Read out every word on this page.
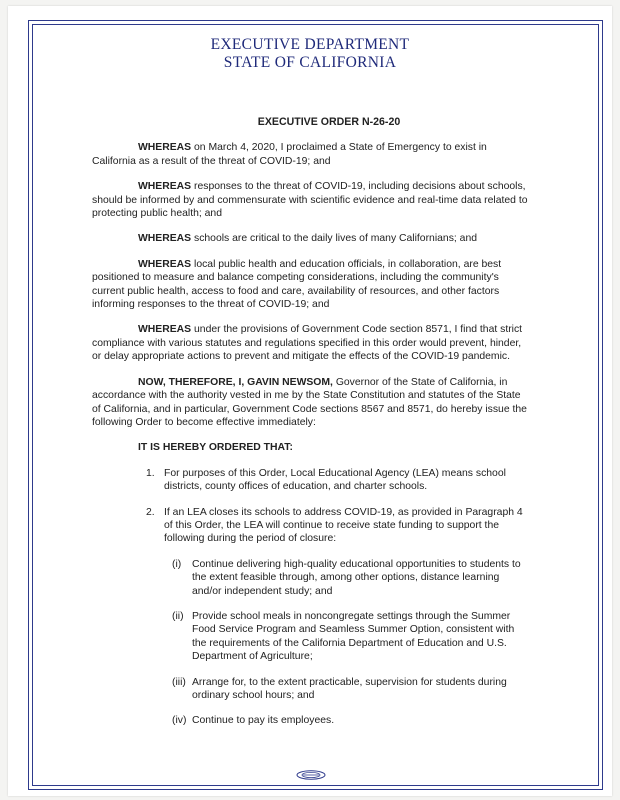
EXECUTIVE DEPARTMENT
STATE OF CALIFORNIA
EXECUTIVE ORDER N-26-20

WHEREAS on March 4, 2020, I proclaimed a State of Emergency to exist in California as a result of the threat of COVID-19; and

WHEREAS responses to the threat of COVID-19, including decisions about schools, should be informed by and commensurate with scientific evidence and real-time data related to protecting public health; and

WHEREAS schools are critical to the daily lives of many Californians; and

WHEREAS local public health and education officials, in collaboration, are best positioned to measure and balance competing considerations, including the community's current public health, access to food and care, availability of resources, and other factors informing responses to the threat of COVID-19; and

WHEREAS under the provisions of Government Code section 8571, I find that strict compliance with various statutes and regulations specified in this order would prevent, hinder, or delay appropriate actions to prevent and mitigate the effects of the COVID-19 pandemic.

NOW, THEREFORE, I, GAVIN NEWSOM, Governor of the State of California, in accordance with the authority vested in me by the State Constitution and statutes of the State of California, and in particular, Government Code sections 8567 and 8571, do hereby issue the following Order to become effective immediately:

IT IS HEREBY ORDERED THAT:
1. For purposes of this Order, Local Educational Agency (LEA) means school districts, county offices of education, and charter schools.
2. If an LEA closes its schools to address COVID-19, as provided in Paragraph 4 of this Order, the LEA will continue to receive state funding to support the following during the period of closure:
(i) Continue delivering high-quality educational opportunities to students to the extent feasible through, among other options, distance learning and/or independent study; and
(ii) Provide school meals in noncongregate settings through the Summer Food Service Program and Seamless Summer Option, consistent with the requirements of the California Department of Education and U.S. Department of Agriculture;
(iii) Arrange for, to the extent practicable, supervision for students during ordinary school hours; and
(iv) Continue to pay its employees.
